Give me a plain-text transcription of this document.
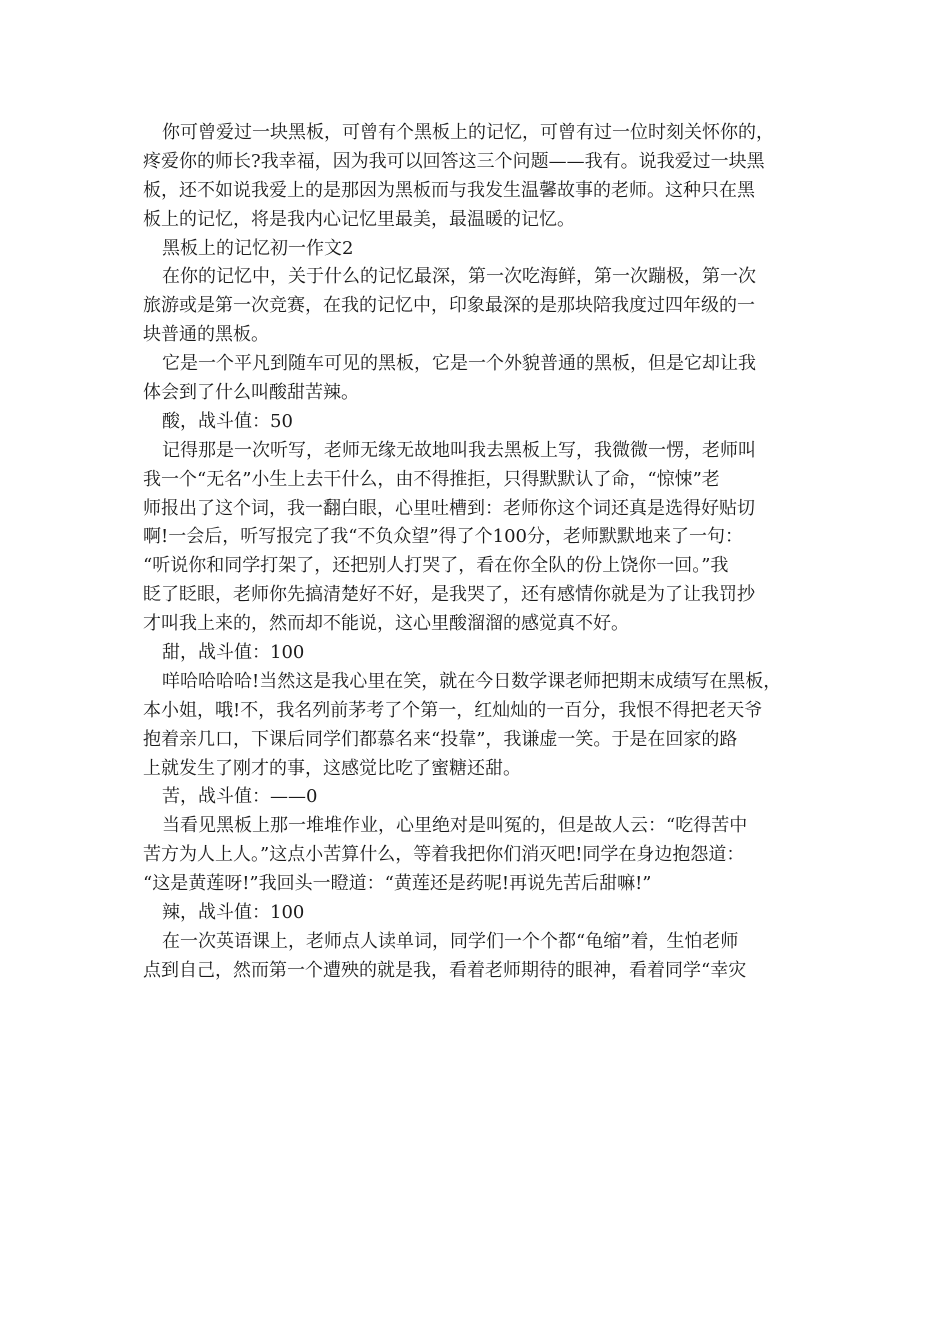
你可曾爱过一块黑板，可曾有个黑板上的记忆，可曾有过一位时刻关怀你的，
疼爱你的师长?我幸福，因为我可以回答这三个问题——我有。说我爱过一块黑
板，还不如说我爱上的是那因为黑板而与我发生温馨故事的老师。这种只在黑
板上的记忆，将是我内心记忆里最美，最温暖的记忆。
黑板上的记忆初一作文2
在你的记忆中，关于什么的记忆最深，第一次吃海鲜，第一次蹦极，第一次
旅游或是第一次竞赛，在我的记忆中，印象最深的是那块陪我度过四年级的一
块普通的黑板。
它是一个平凡到随车可见的黑板，它是一个外貌普通的黑板，但是它却让我
体会到了什么叫酸甜苦辣。
酸，战斗值：50
记得那是一次听写，老师无缘无故地叫我去黑板上写，我微微一愣，老师叫
我一个“无名”小生上去干什么，由不得推拒，只得默默认了命，“惊悚”老
师报出了这个词，我一翻白眼，心里吐槽到：老师你这个词还真是选得好贴切
啊!一会后，听写报完了我“不负众望”得了个100分，老师默默地来了一句：
“听说你和同学打架了，还把别人打哭了，看在你全队的份上饶你一回。”我
眨了眨眼，老师你先搞清楚好不好，是我哭了，还有感情你就是为了让我罚抄
才叫我上来的，然而却不能说，这心里酸溜溜的感觉真不好。
甜，战斗值：100
咩哈哈哈哈!当然这是我心里在笑，就在今日数学课老师把期末成绩写在黑板，
本小姐，哦!不，我名列前茅考了个第一，红灿灿的一百分，我恨不得把老天爷
抱着亲几口，下课后同学们都慕名来“投靠”，我谦虚一笑。于是在回家的路
上就发生了刚才的事，这感觉比吃了蜜糖还甜。
苦，战斗值：——0
当看见黑板上那一堆堆作业，心里绝对是叫冤的，但是故人云：“吃得苦中
苦方为人上人。”这点小苦算什么，等着我把你们消灭吧!同学在身边抱怨道：
“这是黄莲呀!”我回头一瞪道：“黄莲还是药呢!再说先苦后甜嘛!”
辣，战斗值：100
在一次英语课上，老师点人读单词，同学们一个个都“龟缩”着，生怕老师
点到自己，然而第一个遭殃的就是我，看着老师期待的眼神，看着同学“幸灾
